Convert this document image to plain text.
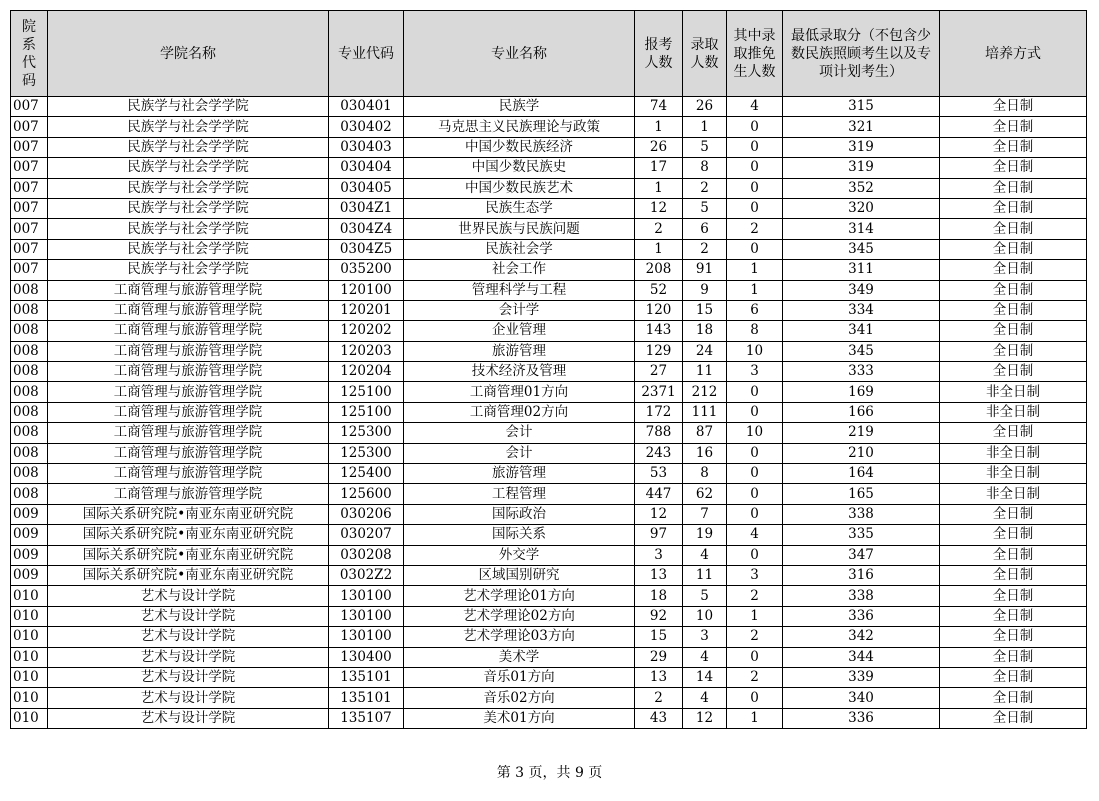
院系代码	学院名称	专业代码	专业名称	报考人数	录取人数	其中录取推免生人数	最低录取分（不包含少数民族照顾考生以及专项计划考生）	培养方式
007	民族学与社会学学院	030401	民族学	74	26	4	315	全日制
007	民族学与社会学学院	030402	马克思主义民族理论与政策	1	1	0	321	全日制
007	民族学与社会学学院	030403	中国少数民族经济	26	5	0	319	全日制
007	民族学与社会学学院	030404	中国少数民族史	17	8	0	319	全日制
007	民族学与社会学学院	030405	中国少数民族艺术	1	2	0	352	全日制
007	民族学与社会学学院	0304Z1	民族生态学	12	5	0	320	全日制
007	民族学与社会学学院	0304Z4	世界民族与民族问题	2	6	2	314	全日制
007	民族学与社会学学院	0304Z5	民族社会学	1	2	0	345	全日制
007	民族学与社会学学院	035200	社会工作	208	91	1	311	全日制
008	工商管理与旅游管理学院	120100	管理科学与工程	52	9	1	349	全日制
008	工商管理与旅游管理学院	120201	会计学	120	15	6	334	全日制
008	工商管理与旅游管理学院	120202	企业管理	143	18	8	341	全日制
008	工商管理与旅游管理学院	120203	旅游管理	129	24	10	345	全日制
008	工商管理与旅游管理学院	120204	技术经济及管理	27	11	3	333	全日制
008	工商管理与旅游管理学院	125100	工商管理01方向	2371	212	0	169	非全日制
008	工商管理与旅游管理学院	125100	工商管理02方向	172	111	0	166	非全日制
008	工商管理与旅游管理学院	125300	会计	788	87	10	219	全日制
008	工商管理与旅游管理学院	125300	会计	243	16	0	210	非全日制
008	工商管理与旅游管理学院	125400	旅游管理	53	8	0	164	非全日制
008	工商管理与旅游管理学院	125600	工程管理	447	62	0	165	非全日制
009	国际关系研究院•南亚东南亚研究院	030206	国际政治	12	7	0	338	全日制
009	国际关系研究院•南亚东南亚研究院	030207	国际关系	97	19	4	335	全日制
009	国际关系研究院•南亚东南亚研究院	030208	外交学	3	4	0	347	全日制
009	国际关系研究院•南亚东南亚研究院	0302Z2	区域国别研究	13	11	3	316	全日制
010	艺术与设计学院	130100	艺术学理论01方向	18	5	2	338	全日制
010	艺术与设计学院	130100	艺术学理论02方向	92	10	1	336	全日制
010	艺术与设计学院	130100	艺术学理论03方向	15	3	2	342	全日制
010	艺术与设计学院	130400	美术学	29	4	0	344	全日制
010	艺术与设计学院	135101	音乐01方向	13	14	2	339	全日制
010	艺术与设计学院	135101	音乐02方向	2	4	0	340	全日制
010	艺术与设计学院	135107	美术01方向	43	12	1	336	全日制
第 3 页，共 9 页
